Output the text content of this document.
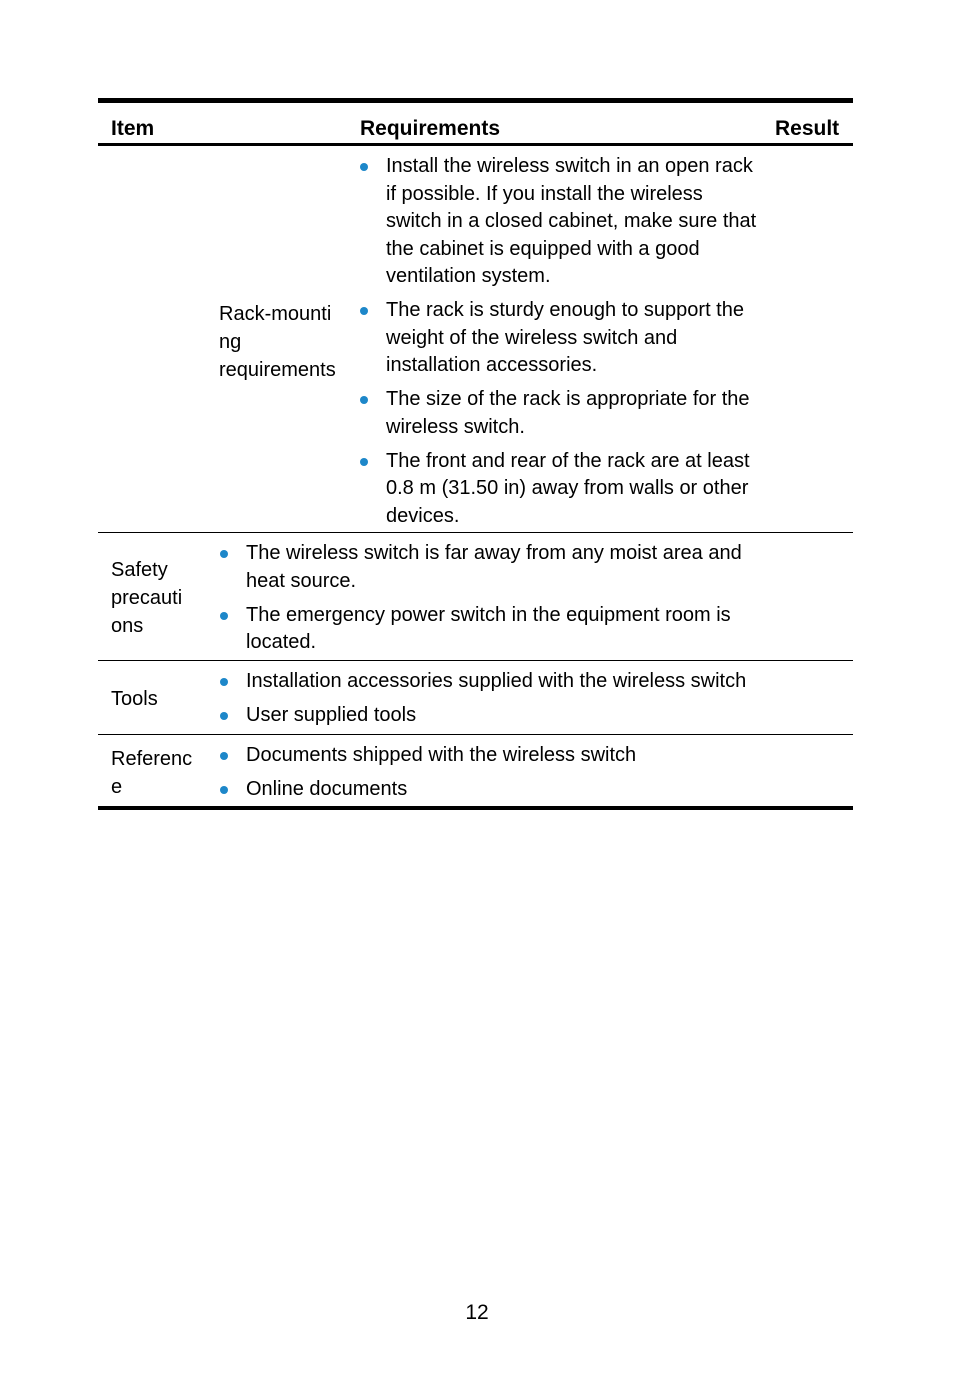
Item	Requirements	Result
Rack-mounti
ng
requirements
Install the wireless switch in an open rack if possible. If you install the wireless switch in a closed cabinet, make sure that the cabinet is equipped with a good ventilation system.
The rack is sturdy enough to support the weight of the wireless switch and installation accessories.
The size of the rack is appropriate for the wireless switch.
The front and rear of the rack are at least 0.8 m (31.50 in) away from walls or other devices.
Safety
precauti
ons
The wireless switch is far away from any moist area and heat source.
The emergency power switch in the equipment room is located.
Tools
Installation accessories supplied with the wireless switch
User supplied tools
Referenc
e
Documents shipped with the wireless switch
Online documents
12
